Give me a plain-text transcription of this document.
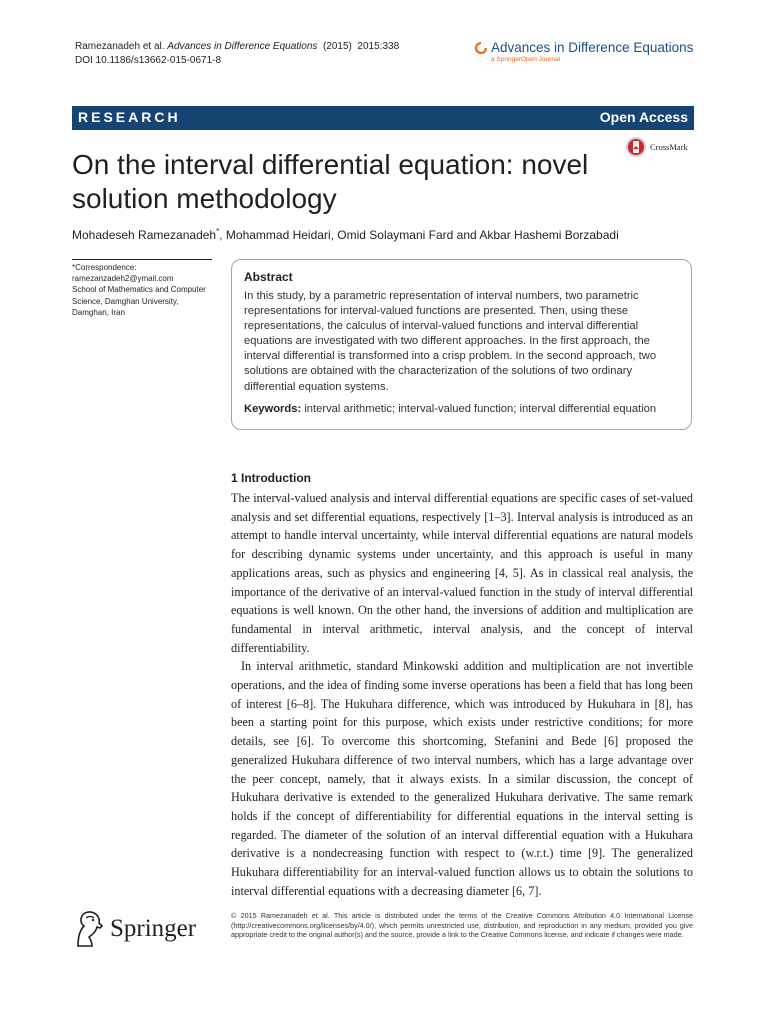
Ramezanadeh et al. Advances in Difference Equations (2015) 2015:338
DOI 10.1186/s13662-015-0671-8
Advances in Difference Equations
a SpringerOpen Journal
RESEARCH	Open Access
CrossMark
On the interval differential equation: novel solution methodology
Mohadeseh Ramezanadeh*, Mohammad Heidari, Omid Solaymani Fard and Akbar Hashemi Borzabadi
*Correspondence:
ramezanzadeh2@ymail.com
School of Mathematics and Computer Science, Damghan University, Damghan, Iran
Abstract
In this study, by a parametric representation of interval numbers, two parametric representations for interval-valued functions are presented. Then, using these representations, the calculus of interval-valued functions and interval differential equations are investigated with two different approaches. In the first approach, the interval differential is transformed into a crisp problem. In the second approach, two solutions are obtained with the characterization of the solutions of two ordinary differential equation systems.
Keywords: interval arithmetic; interval-valued function; interval differential equation
1 Introduction

The interval-valued analysis and interval differential equations are specific cases of set-valued analysis and set differential equations, respectively [1–3]. Interval analysis is introduced as an attempt to handle interval uncertainty, while interval differential equations are natural models for describing dynamic systems under uncertainty, and this approach is useful in many applications areas, such as physics and engineering [4, 5]. As in classical real analysis, the importance of the derivative of an interval-valued function in the study of interval differential equations is well known. On the other hand, the inversions of addition and multiplication are fundamental in interval arithmetic, interval analysis, and the concept of interval differentiability.

In interval arithmetic, standard Minkowski addition and multiplication are not invertible operations, and the idea of finding some inverse operations has been a field that has long been of interest [6–8]. The Hukuhara difference, which was introduced by Hukuhara in [8], has been a starting point for this purpose, which exists under restrictive conditions; for more details, see [6]. To overcome this shortcoming, Stefanini and Bede [6] proposed the generalized Hukuhara difference of two interval numbers, which has a large advantage over the peer concept, namely, that it always exists. In a similar discussion, the concept of Hukuhara derivative is extended to the generalized Hukuhara derivative. The same remark holds if the concept of differentiability for differential equations in the interval setting is regarded. The diameter of the solution of an interval differential equation with a Hukuhara derivative is a nondecreasing function with respect to (w.r.t.) time [9]. The generalized Hukuhara differentiability for an interval-valued function allows us to obtain the solutions to interval differential equations with a decreasing diameter [6, 7].

Springer	© 2015 Ramezanadeh et al. This article is distributed under the terms of the Creative Commons Attribution 4.0 International License (http://creativecommons.org/licenses/by/4.0/), which permits unrestricted use, distribution, and reproduction in any medium, provided you give appropriate credit to the original author(s) and the source, provide a link to the Creative Commons license, and indicate if changes were made.
